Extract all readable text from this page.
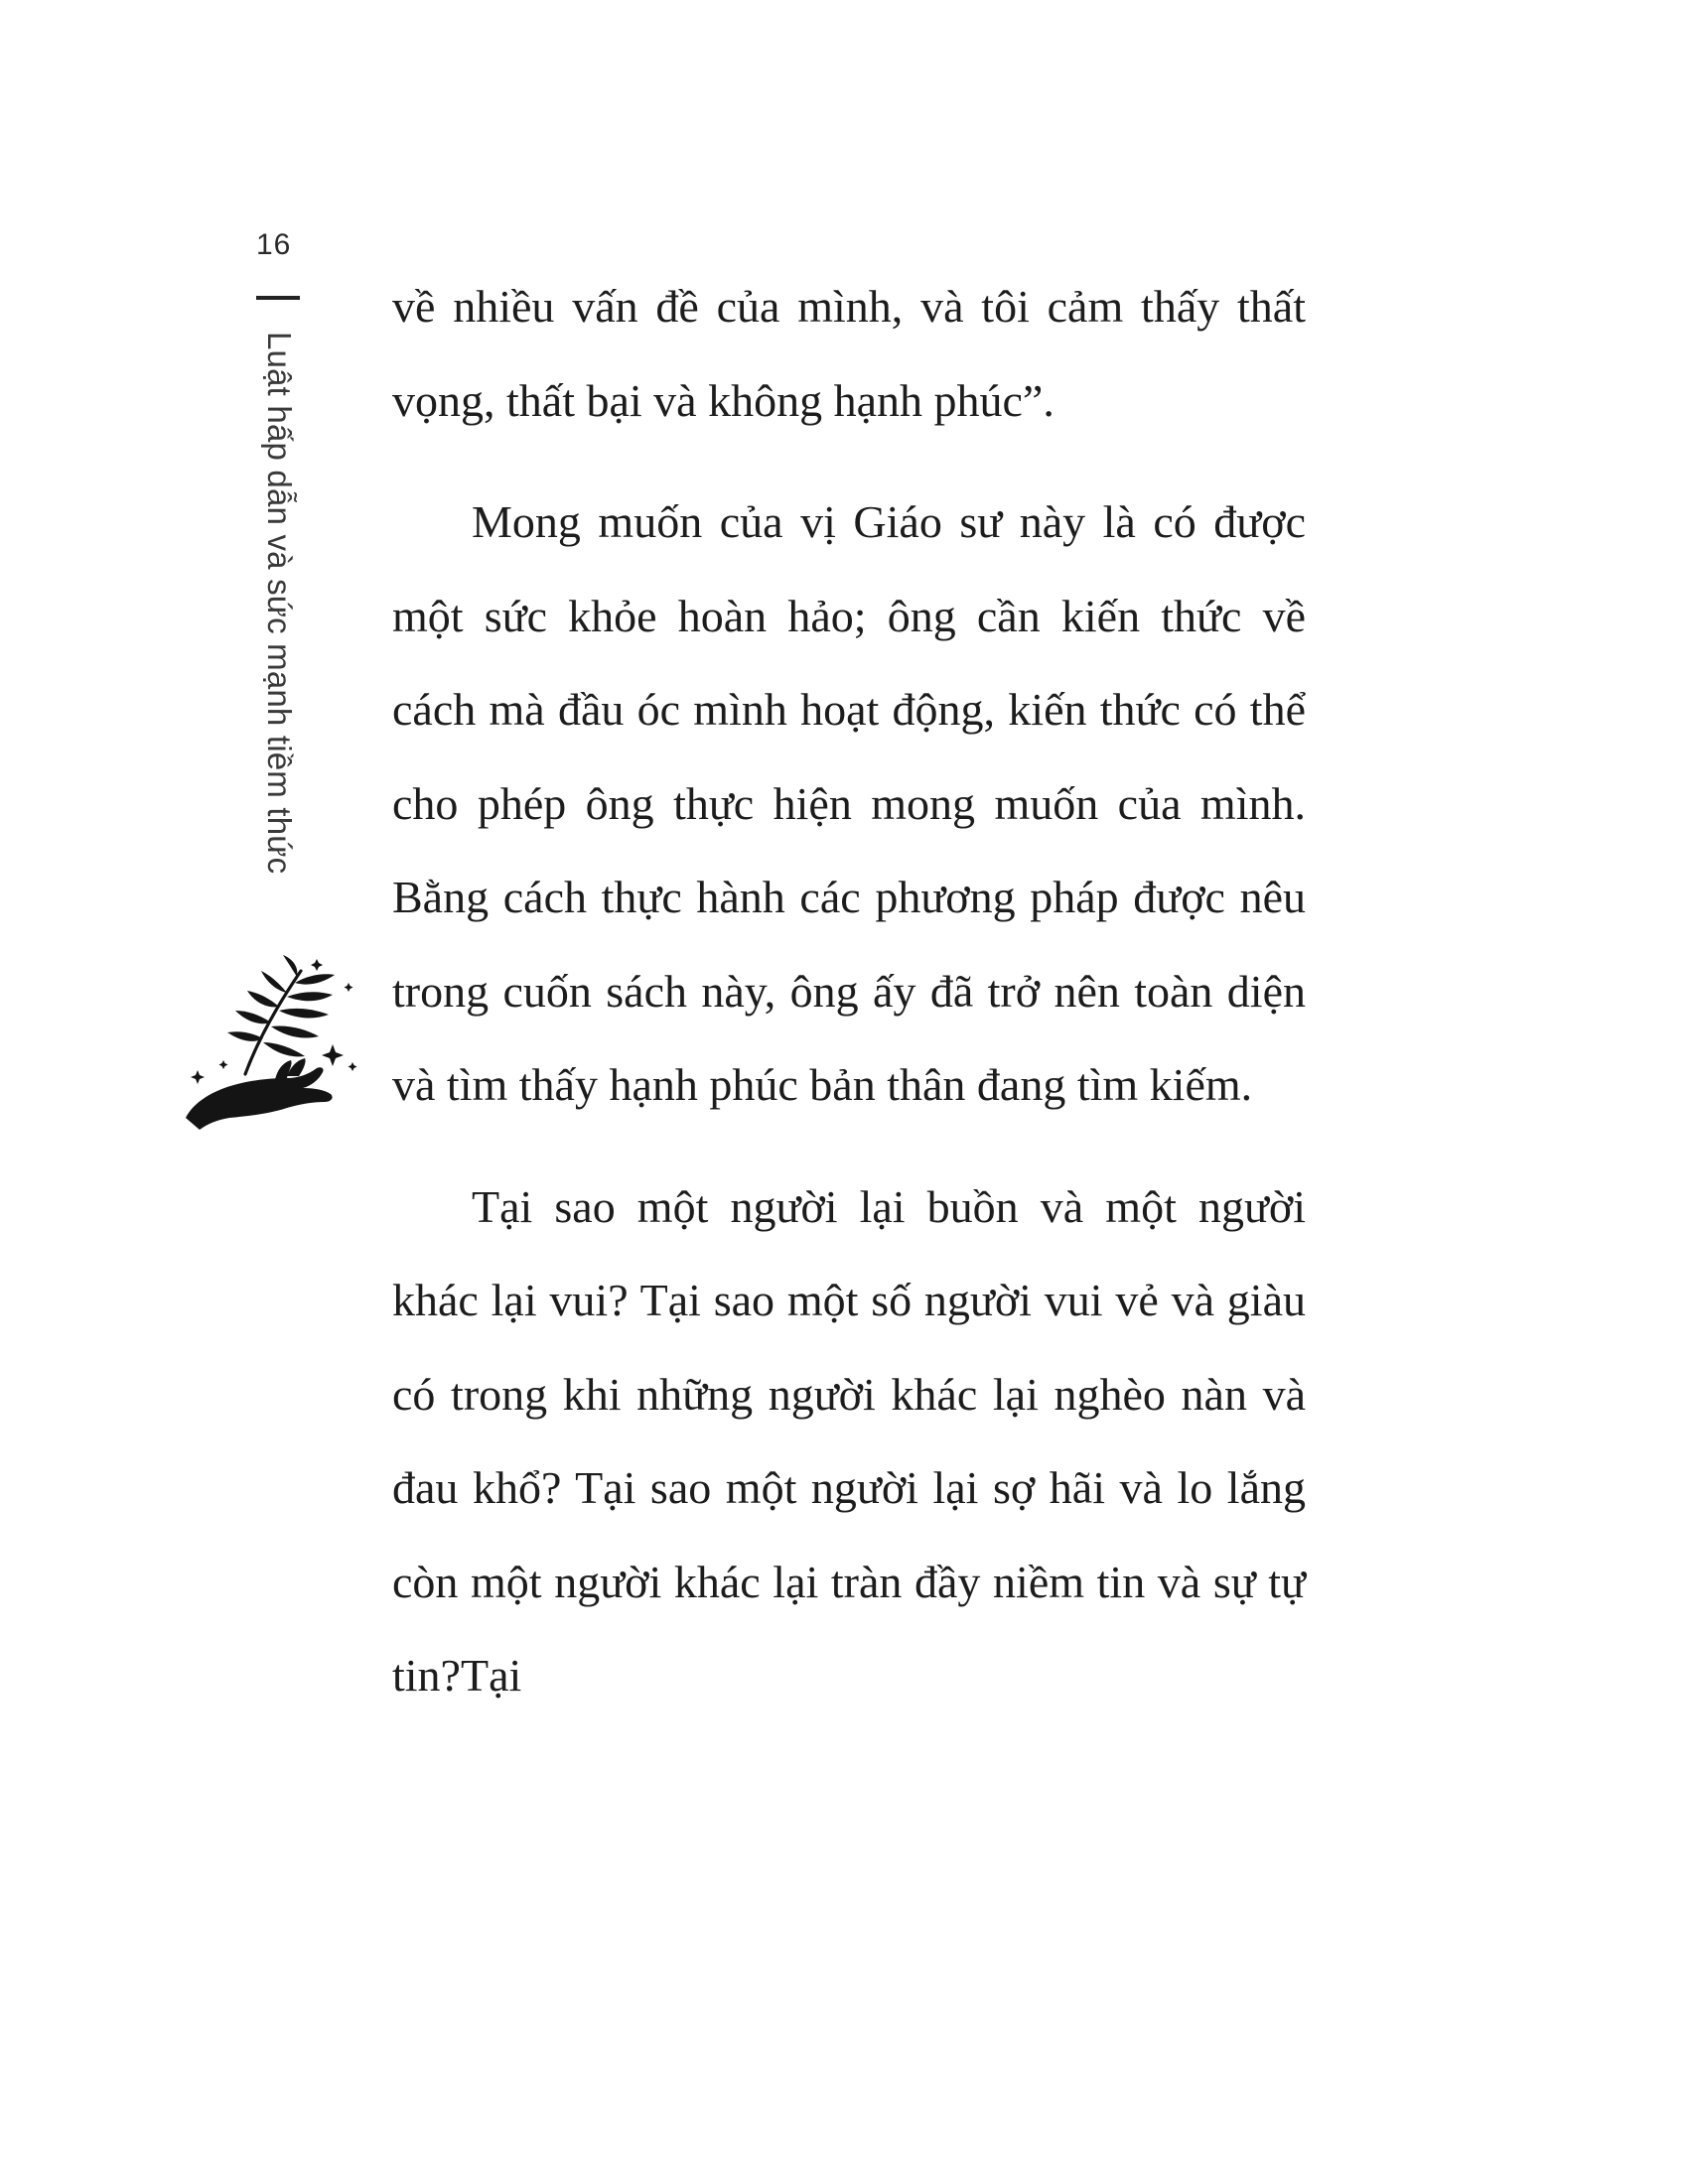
16
Luật hấp dẫn và sức mạnh tiềm thức

về nhiều vấn đề của mình, và tôi cảm thấy thất vọng, thất bại và không hạnh phúc”.

Mong muốn của vị Giáo sư này là có được một sức khỏe hoàn hảo; ông cần kiến thức về cách mà đầu óc mình hoạt động, kiến thức có thể cho phép ông thực hiện mong muốn của mình. Bằng cách thực hành các phương pháp được nêu trong cuốn sách này, ông ấy đã trở nên toàn diện và tìm thấy hạnh phúc bản thân đang tìm kiếm.

Tại sao một người lại buồn và một người khác lại vui? Tại sao một số người vui vẻ và giàu có trong khi những người khác lại nghèo nàn và đau khổ? Tại sao một người lại sợ hãi và lo lắng còn một người khác lại tràn đầy niềm tin và sự tự tin?Tại
